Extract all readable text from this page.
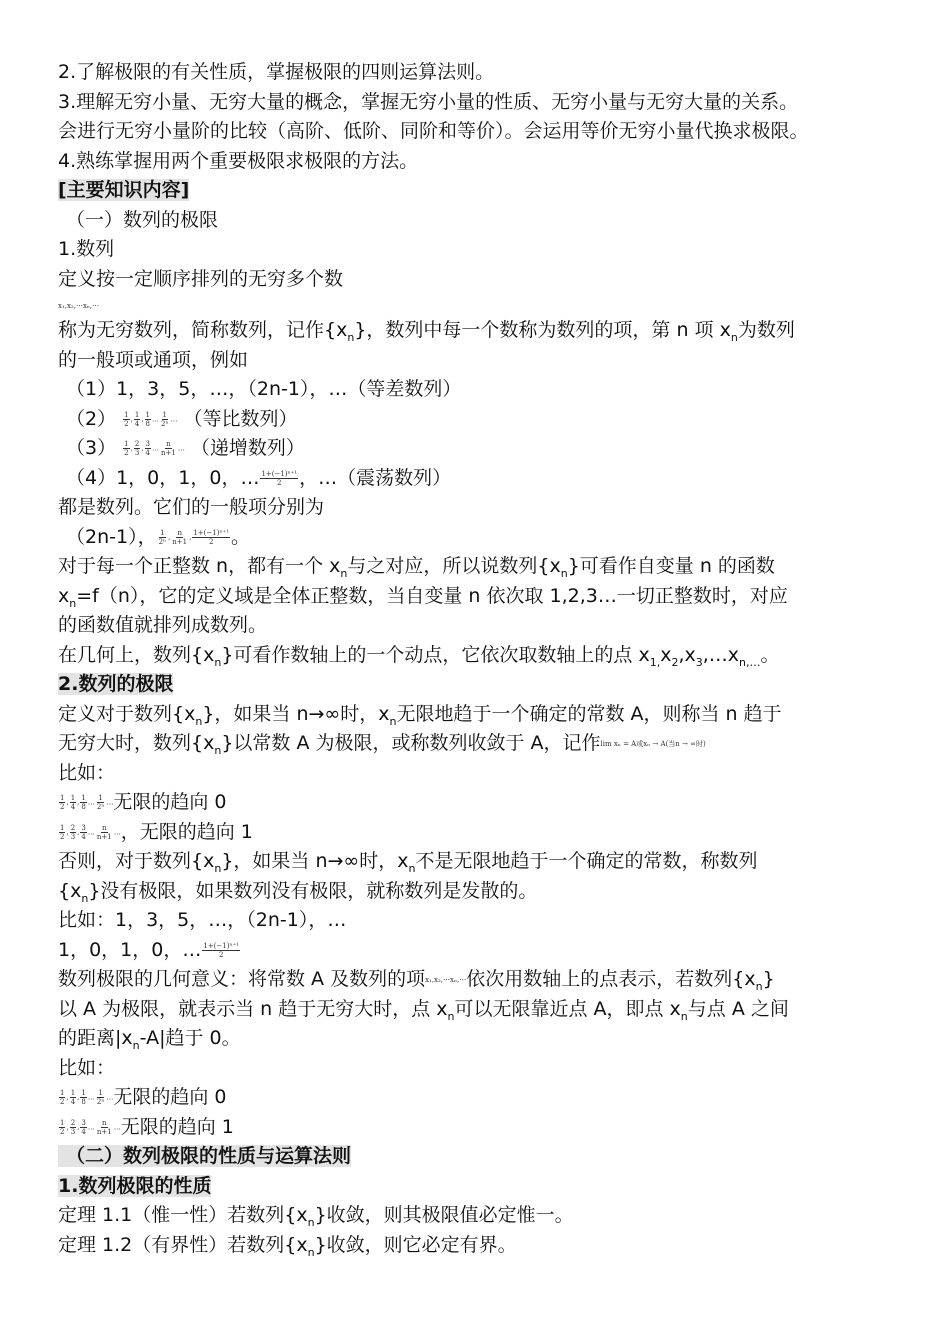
2.了解极限的有关性质，掌握极限的四则运算法则。
3.理解无穷小量、无穷大量的概念，掌握无穷小量的性质、无穷小量与无穷大量的关系。
会进行无穷小量阶的比较（高阶、低阶、同阶和等价）。会运用等价无穷小量代换求极限。
4.熟练掌握用两个重要极限求极限的方法。
[主要知识内容]
（一）数列的极限
1.数列
定义按一定顺序排列的无穷多个数
x₁,x₂,⋯xₙ,⋯
称为无穷数列，简称数列，记作$\{x_n\}$，数列中每一个数称为数列的项，第 n 项 $x_n$为数列
的一般项或通项，例如
（1）1，3，5，…，（2n-1），…（等差数列）
$(2) \frac{1}{2}$ , $\frac{1}{4}$ , $\frac{1}{8}$ … $\frac{1}{\text{2ⁿ}}$ … （等比数列）
$(3) \frac{1}{2}$ , $\frac{2}{3}$ , $\frac{3}{4}$ … $\frac{n}{n+1}$ … （递增数列）
（4）1，0，1，0，… $\frac{\text{1+(−1)ⁿ⁺¹}}{2}$ ，…（震荡数列）
都是数列。它们的一般项分别为
（2n-1）， $\frac{1}{\text{2ⁿ}}$ , $\frac{n}{n+1}$ , $\frac{\text{1+(−1)ⁿ⁺¹}}{2}$ 。
对于每一个正整数 n，都有一个 $x_n$与之对应，所以说数列$\{x_n\}$可看作自变量 n 的函数
$x_n=f(n)$，它的定义域是全体正整数，当自变量 n 依次取 1,2,3…一切正整数时，对应
的函数值就排列成数列。
在几何上，数列$\{x_n\}$可看作数轴上的一个动点，它依次取数轴上的点 $x_{1,}x_2,x_3,\dots x_{n,\dots}$。
2.数列的极限
定义对于数列$\{x_n\}$，如果当 n→∞时，$x_n$无限地趋于一个确定的常数 A，则称当 n 趋于
无穷大时，数列$\{x_n\}$以常数 A 为极限，或称数列收敛于 A，记作lim xₙ = A或xₙ → A(当n → ∞时)
比如：
$\frac{1}{2}$ , $\frac{1}{4}$ , $\frac{1}{8}$ … $\frac{1}{\text{2ⁿ}}$ …无限的趋向 0
$\frac{1}{2}$ , $\frac{2}{3}$ , $\frac{3}{4}$ … $\frac{n}{n+1}$ …，无限的趋向 1
否则，对于数列$\{x_n\}$，如果当 n→∞时，$x_n$不是无限地趋于一个确定的常数，称数列
$\{x_n\}$没有极限，如果数列没有极限，就称数列是发散的。
比如：1，3，5，…，（2n-1），…
1，0，1，0，… $\frac{\text{1+(−1)ⁿ⁺¹}}{2}$
数列极限的几何意义：将常数 A 及数列的项x₁,x₂,⋯xₙ,⋯依次用数轴上的点表示，若数列$\{x_n\}$
以 A 为极限，就表示当 n 趋于无穷大时，点 $x_n$可以无限靠近点 A，即点 $x_n$与点 A 之间
的距离$|x_n-A|$趋于 0。
比如：
$\frac{1}{2}$ , $\frac{1}{4}$ , $\frac{1}{8}$ … $\frac{1}{\text{2ⁿ}}$ …无限的趋向 0
$\frac{1}{2}$ , $\frac{2}{3}$ , $\frac{3}{4}$ … $\frac{n}{n+1}$ …无限的趋向 1
（二）数列极限的性质与运算法则
1.数列极限的性质
定理 1.1（惟一性）若数列$\{x_n\}$收敛，则其极限值必定惟一。
定理 1.2（有界性）若数列$\{x_n\}$收敛，则它必定有界。
